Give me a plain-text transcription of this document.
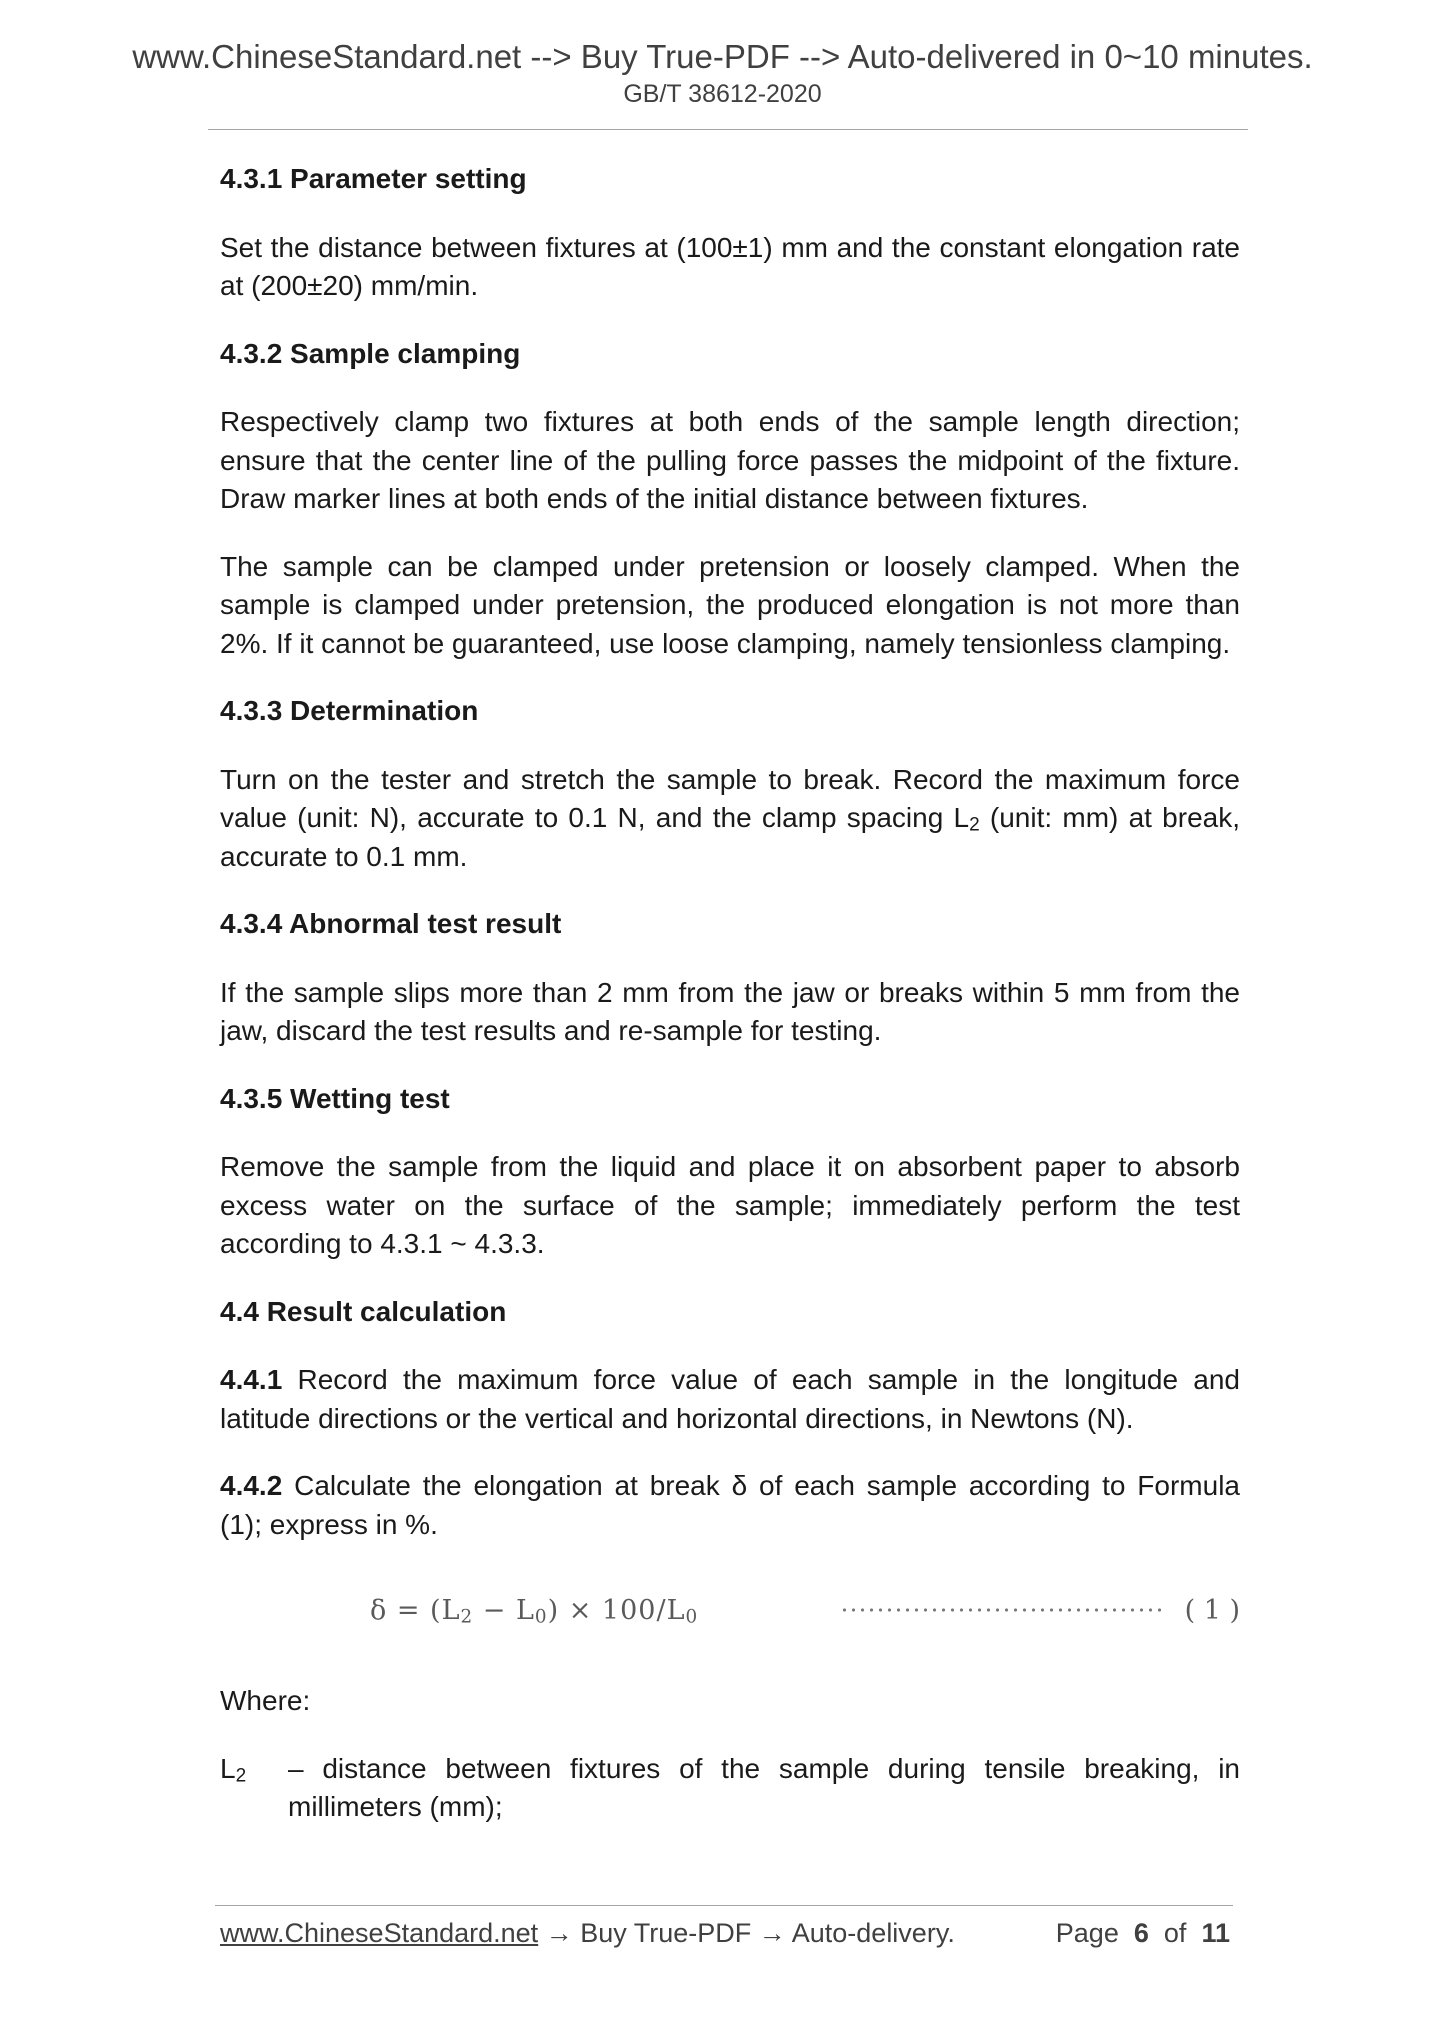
www.ChineseStandard.net --> Buy True-PDF --> Auto-delivered in 0~10 minutes.
GB/T 38612-2020
4.3.1 Parameter setting
Set the distance between fixtures at (100±1) mm and the constant elongation rate at (200±20) mm/min.
4.3.2 Sample clamping
Respectively clamp two fixtures at both ends of the sample length direction; ensure that the center line of the pulling force passes the midpoint of the fixture. Draw marker lines at both ends of the initial distance between fixtures.
The sample can be clamped under pretension or loosely clamped. When the sample is clamped under pretension, the produced elongation is not more than 2%. If it cannot be guaranteed, use loose clamping, namely tensionless clamping.
4.3.3 Determination
Turn on the tester and stretch the sample to break. Record the maximum force value (unit: N), accurate to 0.1 N, and the clamp spacing $L_2$ (unit: mm) at break, accurate to 0.1 mm.
4.3.4 Abnormal test result
If the sample slips more than 2 mm from the jaw or breaks within 5 mm from the jaw, discard the test results and re-sample for testing.
4.3.5 Wetting test
Remove the sample from the liquid and place it on absorbent paper to absorb excess water on the surface of the sample; immediately perform the test according to 4.3.1 ~ 4.3.3.
4.4 Result calculation
4.4.1 Record the maximum force value of each sample in the longitude and latitude directions or the vertical and horizontal directions, in Newtons (N).
4.4.2 Calculate the elongation at break δ of each sample according to Formula (1); express in %.
$\delta = (L_2 - L_0) \times 100/L_0$	( 1 )
Where:
$L_2$ – distance between fixtures of the sample during tensile breaking, in millimeters (mm);
www.ChineseStandard.net → Buy True-PDF → Auto-delivery.	Page 6 of 11
